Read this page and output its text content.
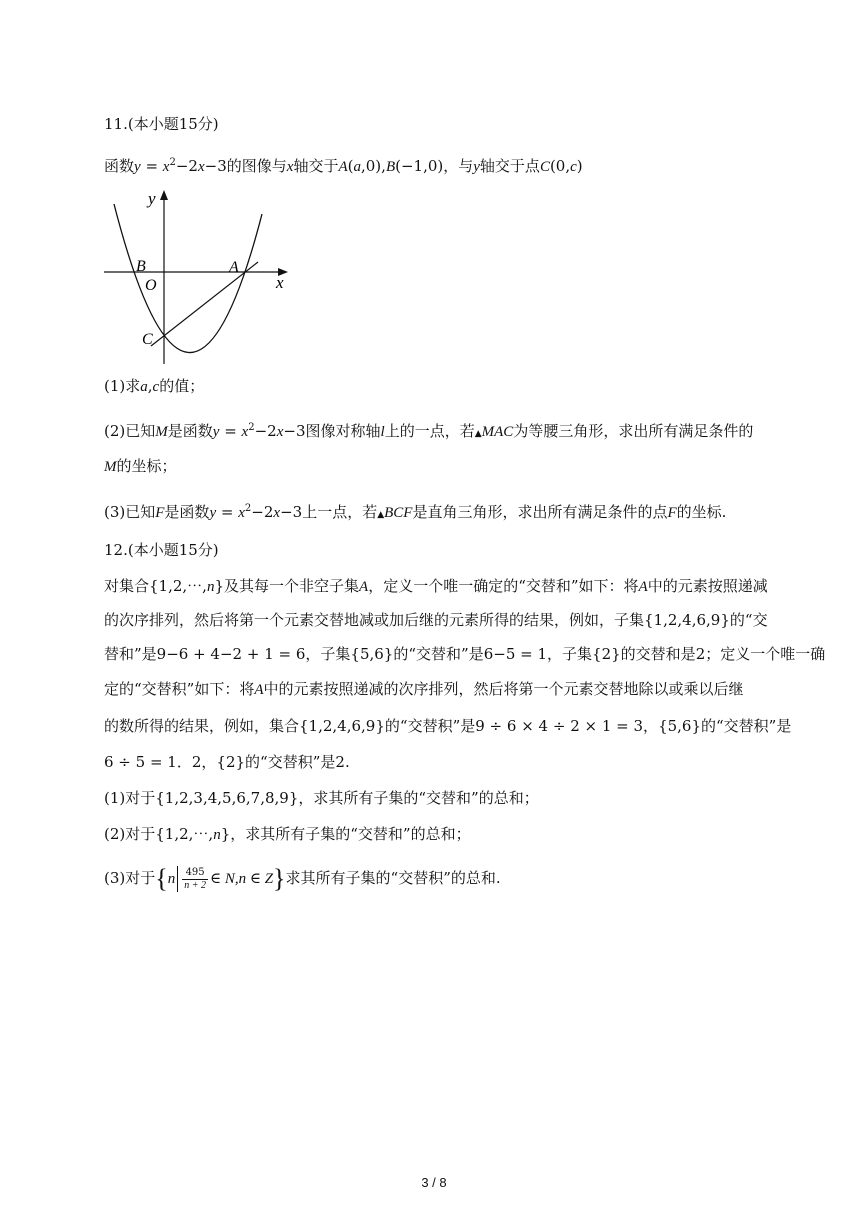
11.(本小题15分)
函数$y = x^2-2x-3$的图像与x轴交于A(a,0),B(−1,0)，与y轴交于点C(0,c)
y
x
B
O
A
C
(1)求a,c的值；
(2)已知M是函数$y = x^2-2x-3$图像对称轴l上的一点，若▲MAC为等腰三角形，求出所有满足条件的
M的坐标；
(3)已知F是函数$y = x^2-2x-3$上一点，若▲BCF是直角三角形，求出所有满足条件的点F的坐标.
12.(本小题15分)
对集合{1,2,⋯,n}及其每一个非空子集A，定义一个唯一确定的“交替和”如下：将A中的元素按照递减
的次序排列，然后将第一个元素交替地减或加后继的元素所得的结果，例如，子集{1,2,4,6,9}的“交
替和”是9−6 + 4−2 + 1 = 6，子集{5,6}的“交替和”是6−5 = 1，子集{2}的交替和是2；定义一个唯一确
定的“交替积”如下：将A中的元素按照递减的次序排列，然后将第一个元素交替地除以或乘以后继
的数所得的结果，例如，集合{1,2,4,6,9}的“交替积”是9 ÷ 6 × 4 ÷ 2 × 1 = 3，{5,6}的“交替积”是
6 ÷ 5 = 1．2，{2}的“交替积”是2.
(1)对于{1,2,3,4,5,6,7,8,9}，求其所有子集的“交替和”的总和；
(2)对于{1,2,⋯,n}，求其所有子集的“交替和”的总和；
(3)对于{$n \frac{495}{n + 2}$ ∈ N,n ∈ Z}求其所有子集的“交替积”的总和.
3 / 8
